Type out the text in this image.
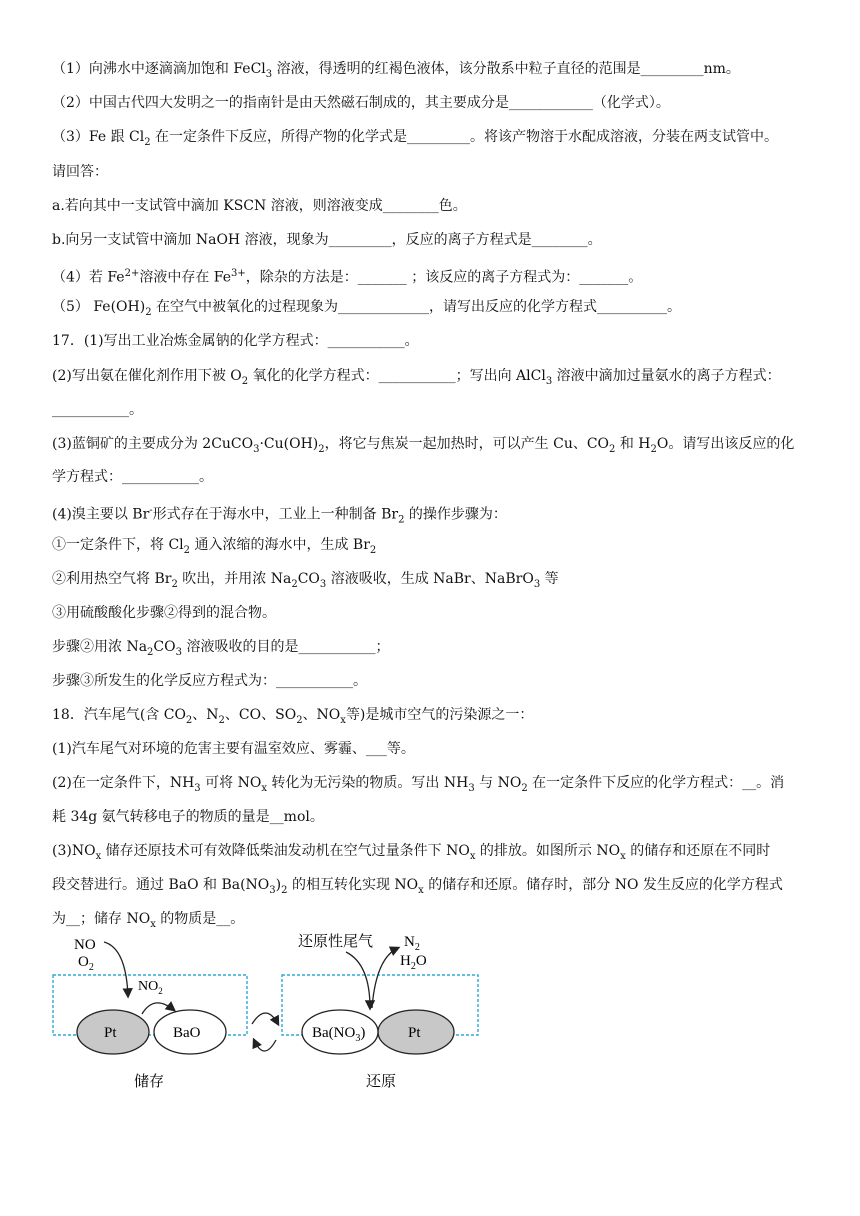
（1）向沸水中逐滴滴加饱和 FeCl$_3$ 溶液，得透明的红褐色液体，该分散系中粒子直径的范围是_________nm。
（2）中国古代四大发明之一的指南针是由天然磁石制成的，其主要成分是____________（化学式）。
（3）Fe 跟 $Cl_2$ 在一定条件下反应，所得产物的化学式是_________。将该产物溶于水配成溶液，分装在两支试管中。
请回答：
a.若向其中一支试管中滴加 KSCN 溶液，则溶液变成________色。
b.向另一支试管中滴加 NaOH 溶液，现象为_________，反应的离子方程式是________。
（4）若 $Fe^{2+}$溶液中存在 $Fe^{3+}$，除杂的方法是：_______ ；该反应的离子方程式为：_______。
（5） $Fe(OH)_2$ 在空气中被氧化的过程现象为_____________，请写出反应的化学方程式__________。
17．(1)写出工业冶炼金属钠的化学方程式：___________。
(2)写出氨在催化剂作用下被 $O_2$ 氧化的化学方程式：___________；写出向 AlCl$_3$ 溶液中滴加过量氨水的离子方程式：
___________。
(3)蓝铜矿的主要成分为 $2CuCO_3\cdot Cu(OH)_2$，将它与焦炭一起加热时，可以产生 Cu、$CO_2$ 和 $H_2O$。请写出该反应的化
学方程式：___________。
(4)溴主要以 Br-形式存在于海水中，工业上一种制备 $Br_2$ 的操作步骤为：
①一定条件下，将 $Cl_2$ 通入浓缩的海水中，生成 $Br_2$
②利用热空气将 $Br_2$ 吹出，并用浓 $Na_2CO_3$ 溶液吸收，生成 NaBr、NaBrO$_3$ 等
③用硫酸酸化步骤②得到的混合物。
步骤②用浓 $Na_2CO_3$ 溶液吸收的目的是___________；
步骤③所发生的化学反应方程式为：___________。
18．汽车尾气(含 $CO_2$、$N_2$、CO、$SO_2$、$NO_x$等)是城市空气的污染源之一：
(1)汽车尾气对环境的危害主要有温室效应、雾霾、___等。
(2)在一定条件下，$NH_3$ 可将 $NO_x$ 转化为无污染的物质。写出 $NH_3$ 与 $NO_2$ 在一定条件下反应的化学方程式：__。消
耗 34g 氨气转移电子的物质的量是__mol。
$(3)NO_x$ 储存还原技术可有效降低柴油发动机在空气过量条件下 $NO_x$ 的排放。如图所示 $NO_x$ 的储存和还原在不同时
段交替进行。通过 BaO 和 $Ba(NO_3)_2$ 的相互转化实现 $NO_x$ 的储存和还原。储存时，部分 NO 发生反应的化学方程式
为__；储存 $NO_x$ 的物质是__。
NO
$O_2$
$NO_2$
Pt	BaO
储存
还原性尾气 $N_2$
$H_2O$
Pt
$Ba(NO_3)$
还原
